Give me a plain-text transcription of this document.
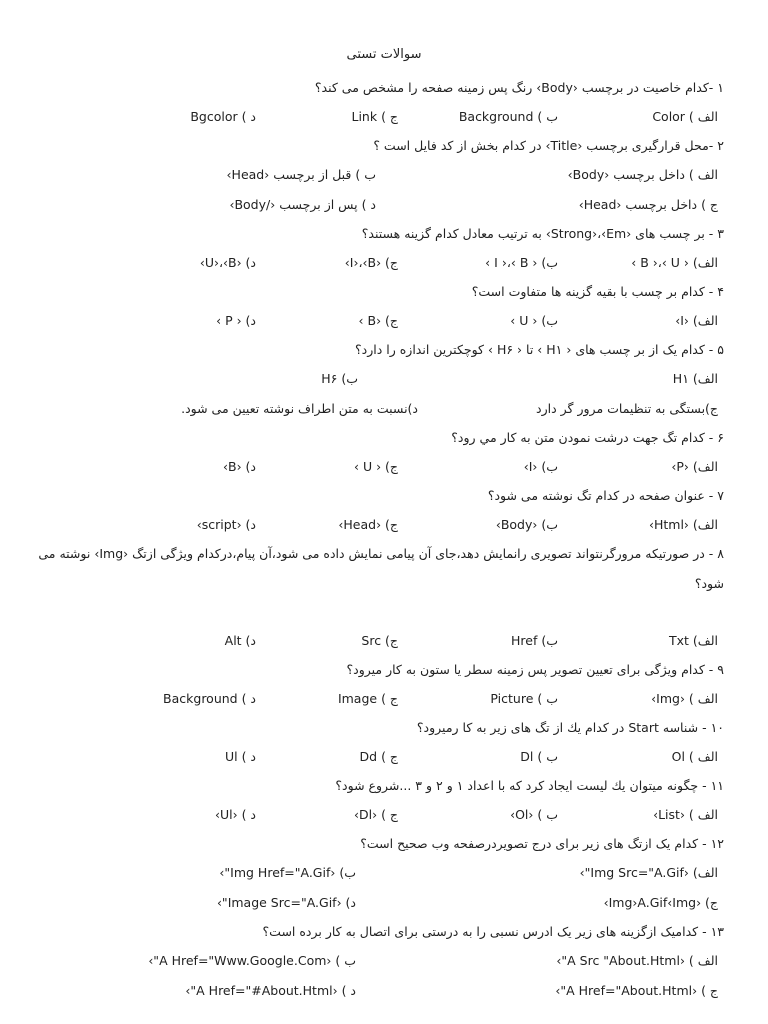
سوالات تستی
۱ -کدام خاصیت در برچسب ‹Body› رنگ پس زمینه صفحه را مشخص می کند؟
الف ) Color
ب ) Background
ج ) Link
د ) Bgcolor
۲ -محل قرارگیری برچسب ‹Title› در کدام بخش از کد فایل است ؟
الف ) داخل برچسب ‹Body›
ب ) قبل از برچسب ‹Head›
ج ) داخل برچسب ‹Head›
د ) پس از برچسب ‹/Body›
۳ - بر چسب های ‹Strong›،‹Em› به ترتیب معادل کدام گزینه هستند؟
الف) ‹ B ›،‹ U ›
ب) ‹ I ›،‹ B ›
ج) ‹I›،‹B›
د) ‹U›،‹B›
۴ - کدام بر چسب با بقیه گزینه ها متفاوت است؟
الف) ‹I›
ب) ‹ U ›
ج) ‹B ›
د) ‹ P ›
۵ - کدام یک از بر چسب های ‹ H۱ › تا ‹ H۶ › کوچکترین اندازه را دارد؟
الف) H۱
ب) H۶
ج)بستگی به تنظیمات مرور گر دارد
د)نسبت به متن اطراف نوشته تعیین می شود.
۶ - کدام تگ جهت درشت نمودن متن به کار مي رود؟
الف) ‹P›
ب) ‹I›
ج) ‹ U ›
د) ‹B›
۷ - عنوان صفحه در کدام تگ نوشته می شود؟
الف) ‹Html›
ب) ‹Body›
ج) ‹Head›
د) ‹script›
۸ - در صورتیکه مرورگرنتواند تصویری رانمایش دهد،جای آن پیامی نمایش داده می شود،آن پیام،درکدام ویژگی ازتگ ‹Img› نوشته می شود؟
الف) Txt
ب) Href
ج) Src
د) Alt
۹ - کدام ویژگی برای تعیین تصویر پس زمینه سطر یا ستون به کار میرود؟
الف ) ‹Img›
ب ) Picture
ج ) Image
د ) Background
۱۰ - شناسه Start در کدام يك از تگ های زیر به کا رمیرود؟
الف ) Ol
ب ) Dl
ج ) Dd
د ) Ul
۱۱ - چگونه میتوان يك ليست ایجاد کرد که با اعداد ۱ و ۲ و ۳ ...شروع شود؟
الف ) ‹List›
ب ) ‹Ol›
ج ) ‹Dl›
د ) ‹Ul›
۱۲ - کدام یک ازتگ های زیر برای درج تصویردرصفحه وب صحیح است؟
الف) ‹Img Src="A.Gif"›
ب) ‹Img Href="A.Gif"›
ج) ‹Img›A.Gif‹Img›
د) ‹Image Src="A.Gif"›
۱۳ - کدامیک ازگزینه های زیر یک ادرس نسبی را به درستی برای اتصال به کار برده است؟
الف ) ‹A Src "About.Html"›
ب ) ‹A Href="Www.Google.Com"›
ج ) ‹A Href="About.Html"›
د ) ‹A Href="#About.Html"›
